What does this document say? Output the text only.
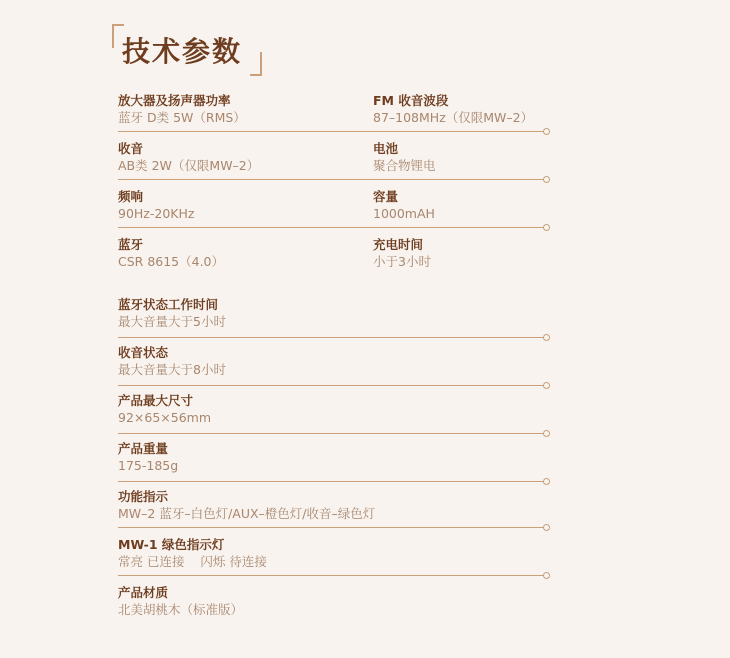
技术参数
放大器及扬声器功率
蓝牙 D类 5W（RMS）
FM 收音波段
87–108MHz（仅限MW–2）
收音
AB类 2W（仅限MW–2）
电池
聚合物锂电
频响
90Hz-20KHz
容量
1000mAH
蓝牙
CSR 8615（4.0）
充电时间
小于3小时
蓝牙状态工作时间
最大音量大于5小时
收音状态
最大音量大于8小时
产品最大尺寸
92×65×56mm
产品重量
175-185g
功能指示
MW–2 蓝牙–白色灯/AUX–橙色灯/收音–绿色灯
MW-1 绿色指示灯
常亮 已连接    闪烁 待连接
产品材质
北美胡桃木（标准版）
